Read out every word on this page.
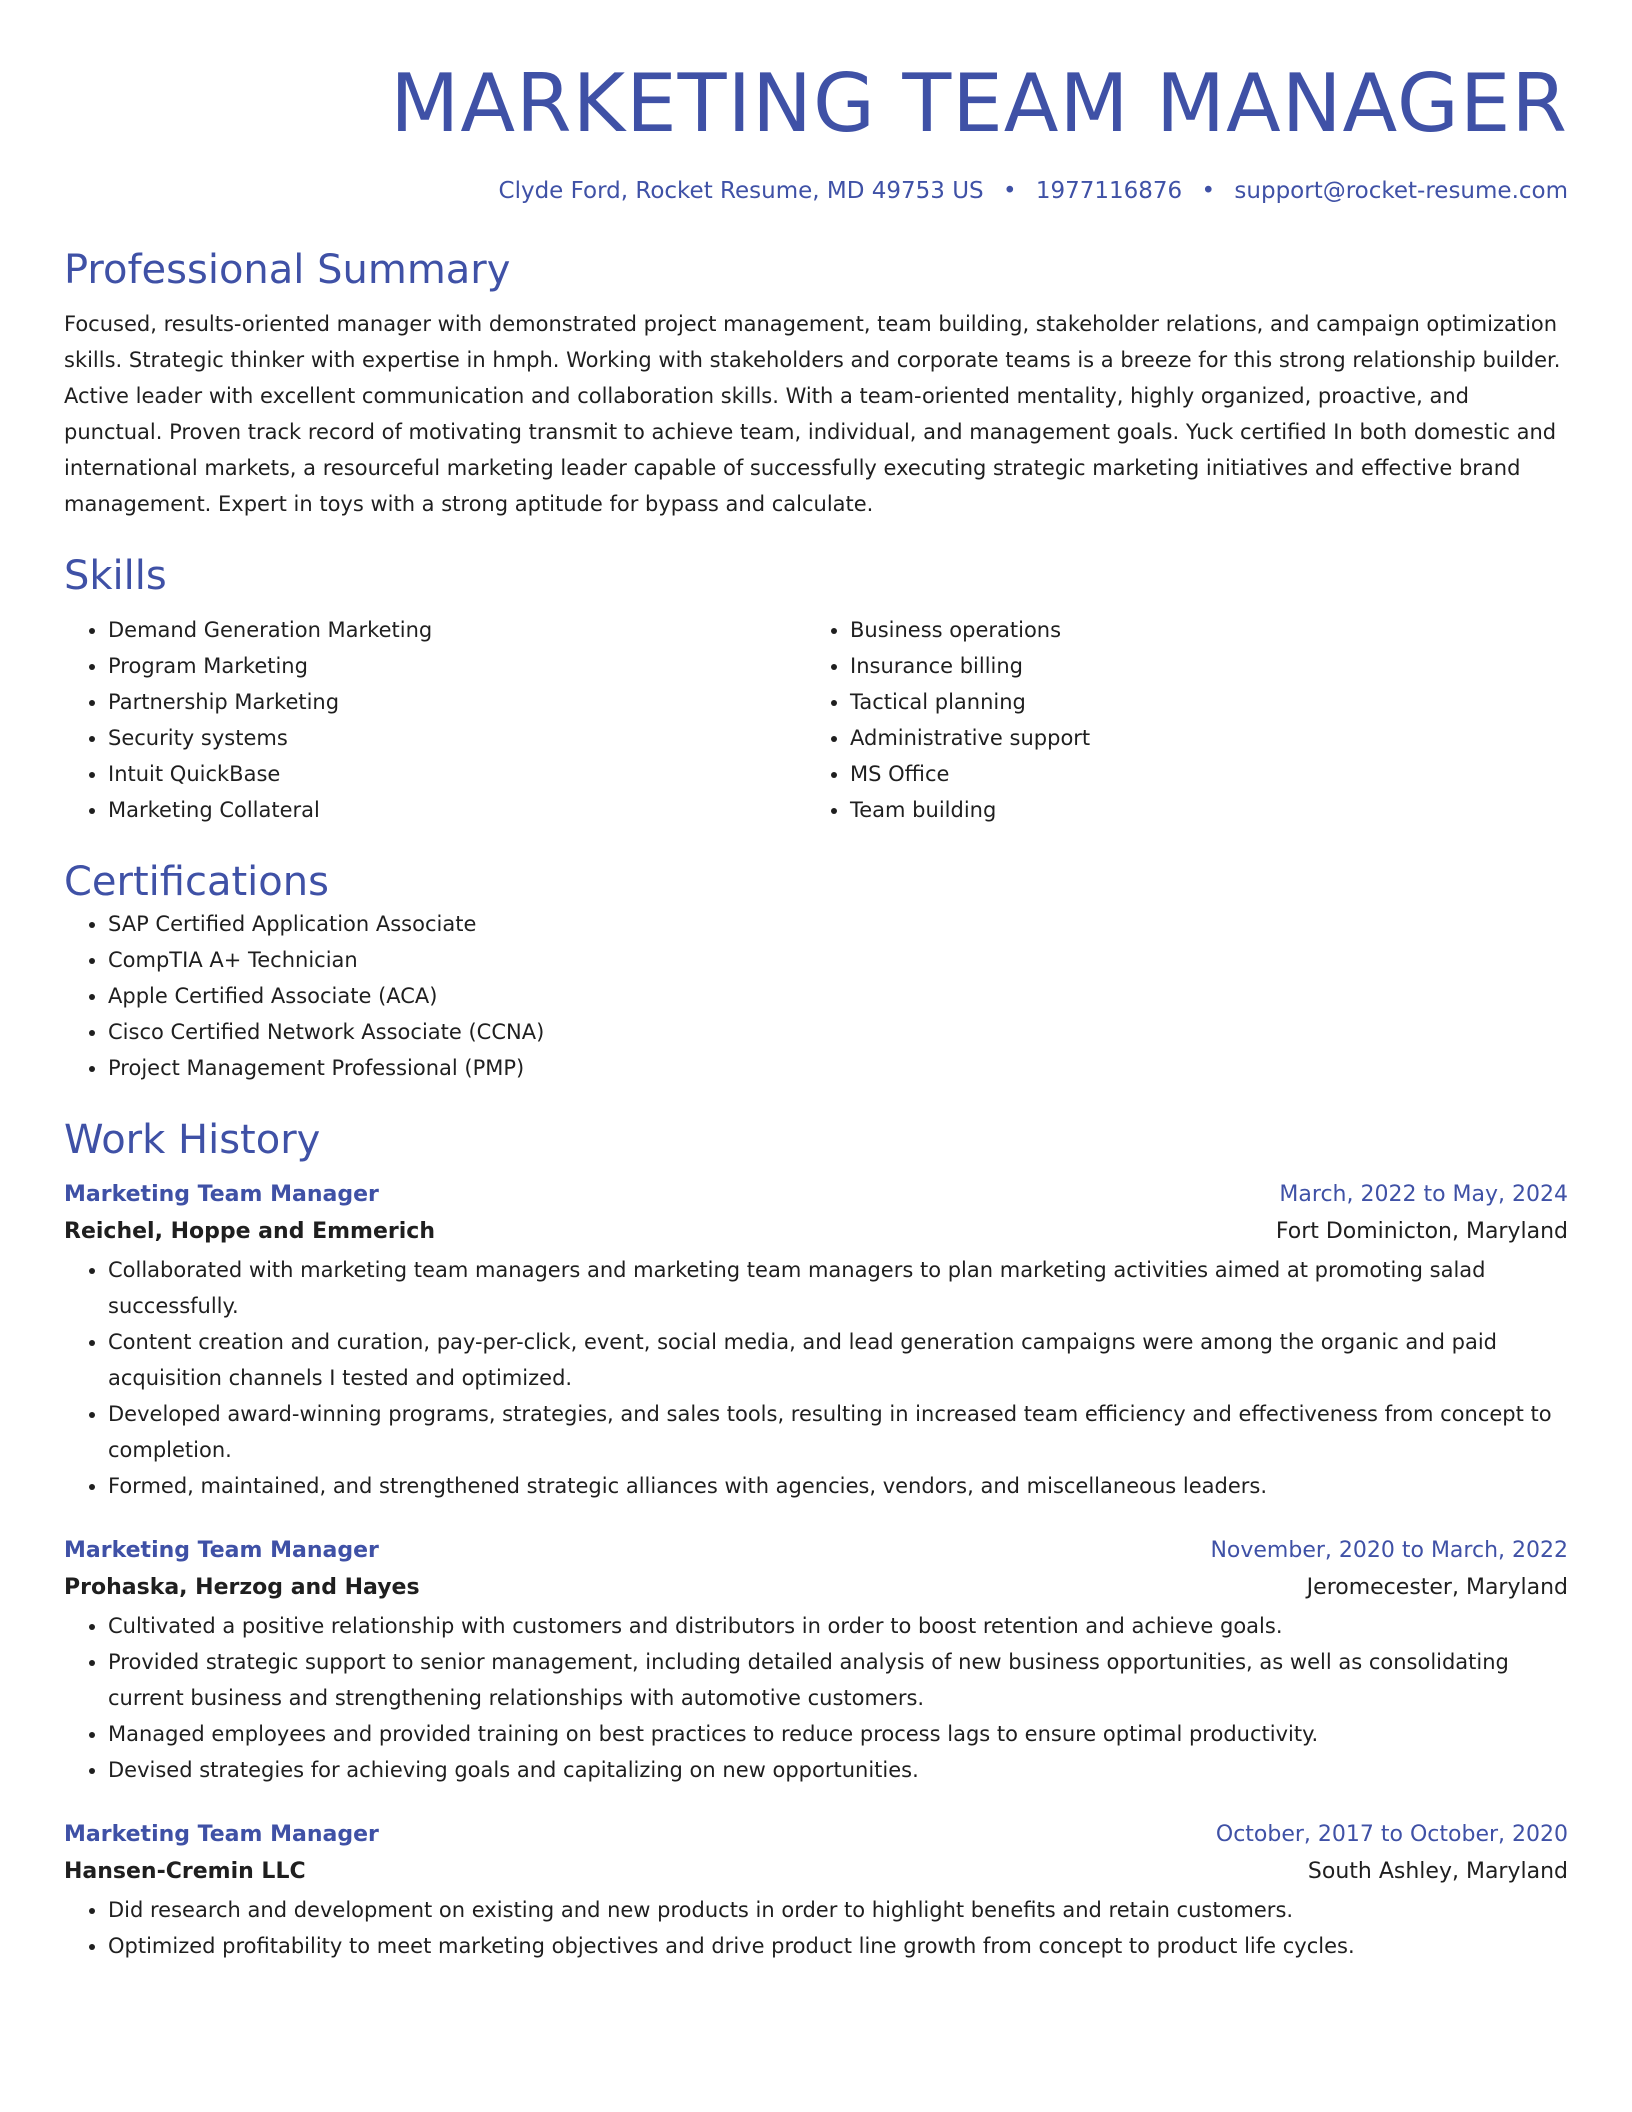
MARKETING TEAM MANAGER
Clyde Ford, Rocket Resume, MD 49753 US • 1977116876 • support@rocket-resume.com
Professional Summary
Focused, results-oriented manager with demonstrated project management, team building, stakeholder relations, and campaign optimization skills. Strategic thinker with expertise in hmph. Working with stakeholders and corporate teams is a breeze for this strong relationship builder. Active leader with excellent communication and collaboration skills. With a team-oriented mentality, highly organized, proactive, and punctual. Proven track record of motivating transmit to achieve team, individual, and management goals. Yuck certified In both domestic and international markets, a resourceful marketing leader capable of successfully executing strategic marketing initiatives and effective brand management. Expert in toys with a strong aptitude for bypass and calculate.
Skills
• Demand Generation Marketing
• Program Marketing
• Partnership Marketing
• Security systems
• Intuit QuickBase
• Marketing Collateral
• Business operations
• Insurance billing
• Tactical planning
• Administrative support
• MS Office
• Team building
Certifications
• SAP Certified Application Associate
• CompTIA A+ Technician
• Apple Certified Associate (ACA)
• Cisco Certified Network Associate (CCNA)
• Project Management Professional (PMP)
Work History
Marketing Team Manager	March, 2022 to May, 2024
Reichel, Hoppe and Emmerich	Fort Dominicton, Maryland
• Collaborated with marketing team managers and marketing team managers to plan marketing activities aimed at promoting salad successfully.
• Content creation and curation, pay-per-click, event, social media, and lead generation campaigns were among the organic and paid acquisition channels I tested and optimized.
• Developed award-winning programs, strategies, and sales tools, resulting in increased team efficiency and effectiveness from concept to completion.
• Formed, maintained, and strengthened strategic alliances with agencies, vendors, and miscellaneous leaders.
Marketing Team Manager	November, 2020 to March, 2022
Prohaska, Herzog and Hayes	Jeromecester, Maryland
• Cultivated a positive relationship with customers and distributors in order to boost retention and achieve goals.
• Provided strategic support to senior management, including detailed analysis of new business opportunities, as well as consolidating current business and strengthening relationships with automotive customers.
• Managed employees and provided training on best practices to reduce process lags to ensure optimal productivity.
• Devised strategies for achieving goals and capitalizing on new opportunities.
Marketing Team Manager	October, 2017 to October, 2020
Hansen-Cremin LLC	South Ashley, Maryland
• Did research and development on existing and new products in order to highlight benefits and retain customers.
• Optimized profitability to meet marketing objectives and drive product line growth from concept to product life cycles.
